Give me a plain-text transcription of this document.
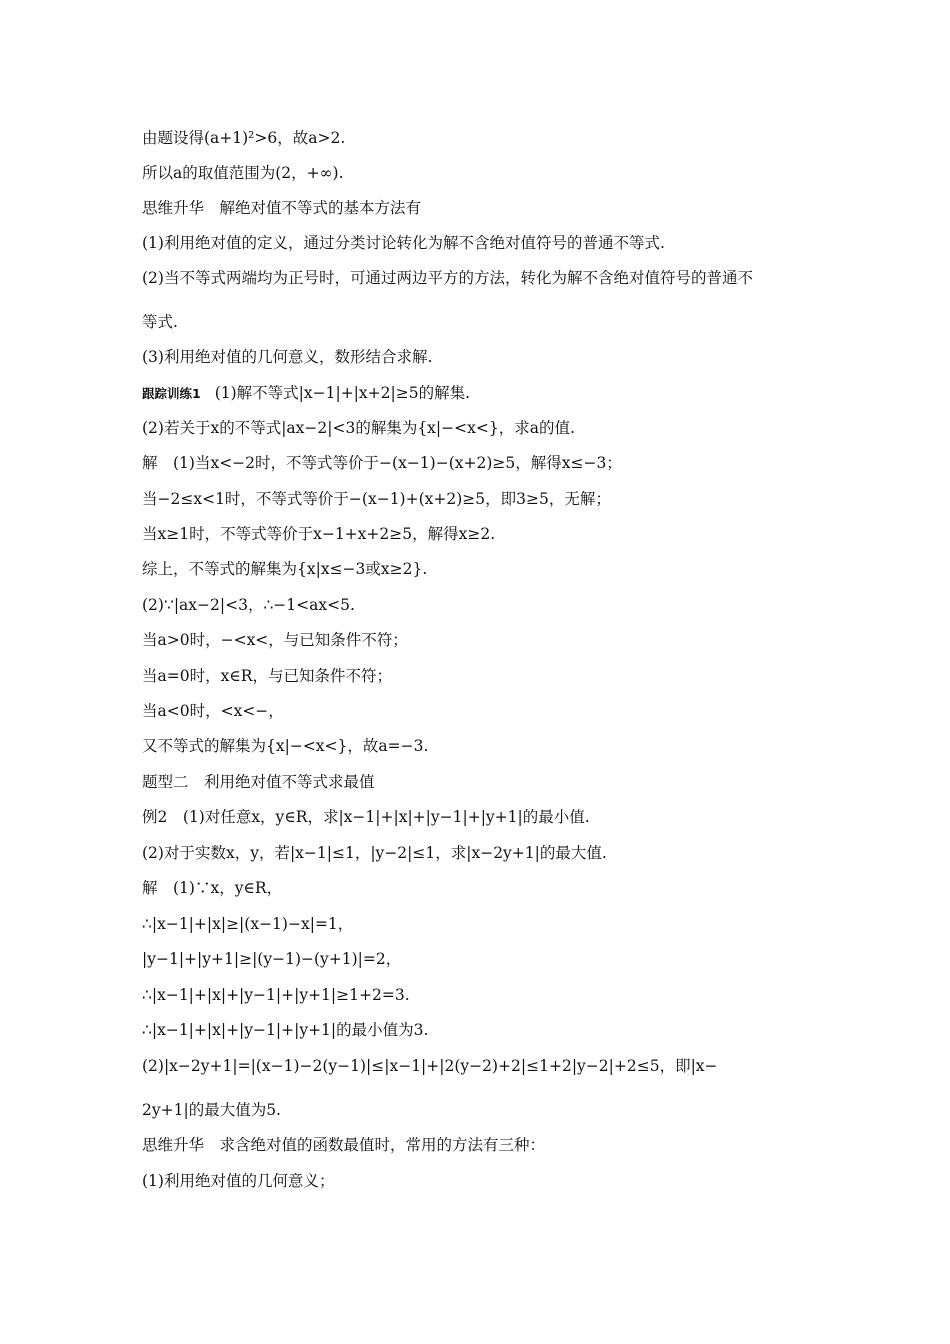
由题设得(a+1)²>6，故a>2.
所以a的取值范围为(2，+∞).
思维升华　解绝对值不等式的基本方法有
(1)利用绝对值的定义，通过分类讨论转化为解不含绝对值符号的普通不等式.
(2)当不等式两端均为正号时，可通过两边平方的方法，转化为解不含绝对值符号的普通不
等式.
(3)利用绝对值的几何意义，数形结合求解.
跟踪训练1 (1)解不等式|x−1|+|x+2|≥5的解集.
(2)若关于x的不等式|ax−2|<3的解集为{x|−<x<}，求a的值.
解　(1)当x<−2时，不等式等价于−(x−1)−(x+2)≥5，解得x≤−3；
当−2≤x<1时，不等式等价于−(x−1)+(x+2)≥5，即3≥5，无解；
当x≥1时，不等式等价于x−1+x+2≥5，解得x≥2.
综上，不等式的解集为{x|x≤−3或x≥2}.
(2)∵|ax−2|<3，∴−1<ax<5.
当a>0时，−<x<，与已知条件不符；
当a=0时，x∈R，与已知条件不符；
当a<0时，<x<−，
又不等式的解集为{x|−<x<}，故a=−3.
题型二　利用绝对值不等式求最值
例2　(1)对任意x，y∈R，求|x−1|+|x|+|y−1|+|y+1|的最小值.
(2)对于实数x，y，若|x−1|≤1，|y−2|≤1，求|x−2y+1|的最大值.
解　(1)∵x，y∈R，
∴|x−1|+|x|≥|(x−1)−x|=1，
|y−1|+|y+1|≥|(y−1)−(y+1)|=2，
∴|x−1|+|x|+|y−1|+|y+1|≥1+2=3.
∴|x−1|+|x|+|y−1|+|y+1|的最小值为3.
(2)|x−2y+1|=|(x−1)−2(y−1)|≤|x−1|+|2(y−2)+2|≤1+2|y−2|+2≤5，即|x−
2y+1|的最大值为5.
思维升华　求含绝对值的函数最值时，常用的方法有三种：
(1)利用绝对值的几何意义；
